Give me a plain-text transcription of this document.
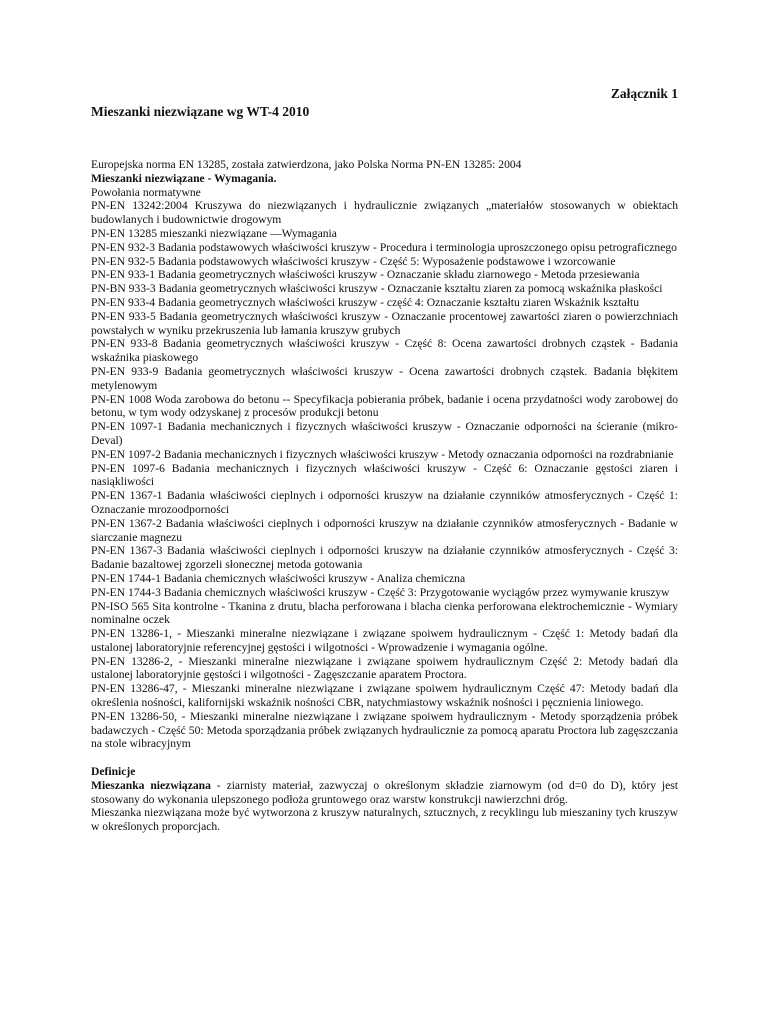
Załącznik 1
Mieszanki niezwiązane wg WT-4 2010
Europejska norma EN 13285, została zatwierdzona, jako Polska Norma PN-EN 13285: 2004
Mieszanki niezwiązane - Wymagania.
Powołania normatywne
PN-EN 13242:2004 Kruszywa do niezwiązanych i hydraulicznie związanych „materiałów stosowanych w obiektach budowlanych i budownictwie drogowym
PN-EN 13285 mieszanki niezwiązane —Wymagania
PN-EN 932-3 Badania podstawowych właściwości kruszyw - Procedura i terminologia uproszczonego opisu petrograficznego
PN-EN 932-5 Badania podstawowych właściwości kruszyw - Część 5: Wyposażenie podstawowe i wzorcowanie
PN-EN 933-1 Badania geometrycznych właściwości kruszyw - Oznaczanie składu ziarnowego - Metoda przesiewania
PN-BN 933-3 Badania geometrycznych właściwości kruszyw - Oznaczanie kształtu ziaren za pomocą wskaźnika płaskości
PN-EN 933-4 Badania geometrycznych właściwości kruszyw - część 4: Oznaczanie kształtu ziaren Wskaźnik kształtu
PN-EN 933-5 Badania geometrycznych właściwości kruszyw - Oznaczanie procentowej zawartości ziaren o powierzchniach powstałych w wyniku przekruszenia lub łamania kruszyw grubych
PN-EN 933-8 Badania geometrycznych właściwości kruszyw - Część 8: Ocena zawartości drobnych cząstek - Badania wskaźnika piaskowego
PN-EN 933-9 Badania geometrycznych właściwości kruszyw - Ocena zawartości drobnych cząstek. Badania błękitem metylenowym
PN-EN 1008 Woda zarobowa do betonu -- Specyfikacja pobierania próbek, badanie i ocena przydatności wody zarobowej do betonu, w tym wody odzyskanej z procesów produkcji betonu
PN-EN 1097-1 Badania mechanicznych i fizycznych właściwości kruszyw - Oznaczanie odporności na ścieranie (mikro-Deval)
PN-EN 1097-2 Badania mechanicznych i fizycznych właściwości kruszyw - Metody oznaczania odporności na rozdrabnianie
PN-EN 1097-6 Badania mechanicznych i fizycznych właściwości kruszyw - Część 6: Oznaczanie gęstości ziaren i nasiąkliwości
PN-EN 1367-1 Badania właściwości cieplnych i odporności kruszyw na działanie czynników atmosferycznych - Część 1: Oznaczanie mrozoodporności
PN-EN 1367-2 Badania właściwości cieplnych i odporności kruszyw na działanie czynników atmosferycznych - Badanie w siarczanie magnezu
PN-EN 1367-3 Badania właściwości cieplnych i odporności kruszyw na działanie czynników atmosferycznych - Część 3: Badanie bazaltowej zgorzeli słonecznej metoda gotowania
PN-EN 1744-1 Badania chemicznych właściwości kruszyw - Analiza chemiczna
PN-EN 1744-3 Badania chemicznych właściwości kruszyw - Część 3: Przygotowanie wyciągów przez wymywanie kruszyw
PN-ISO 565 Sita kontrolne - Tkanina z drutu, blacha perforowana i blacha cienka perforowana elektrochemicznie - Wymiary nominalne oczek
PN-EN 13286-1, - Mieszanki mineralne niezwiązane i związane spoiwem hydraulicznym - Część 1: Metody badań dla ustalonej laboratoryjnie referencyjnej gęstości i wilgotności - Wprowadzenie i wymagania ogólne.
PN-EN 13286-2, - Mieszanki mineralne niezwiązane i związane spoiwem hydraulicznym Część 2: Metody badań dla ustalonej laboratoryjnie gęstości i wilgotności - Zagęszczanie aparatem Proctora.
PN-EN 13286-47, - Mieszanki mineralne niezwiązane i związane spoiwem hydraulicznym Część 47: Metody badań dla określenia nośności, kalifornijski wskaźnik nośności CBR, natychmiastowy wskaźnik nośności i pęcznienia liniowego.
PN-EN 13286-50, - Mieszanki mineralne niezwiązane i związane spoiwem hydraulicznym - Metody sporządzenia próbek badawczych - Część 50: Metoda sporządzania próbek związanych hydraulicznie za pomocą aparatu Proctora lub zagęszczania na stole wibracyjnym
Definicje
Mieszanka niezwiązana - ziarnisty materiał, zazwyczaj o określonym składzie ziarnowym (od d=0 do D), który jest stosowany do wykonania ulepszonego podłoża gruntowego oraz warstw konstrukcji nawierzchni dróg.
Mieszanka niezwiązana może być wytworzona z kruszyw naturalnych, sztucznych, z recyklingu lub mieszaniny tych kruszyw w określonych proporcjach.
